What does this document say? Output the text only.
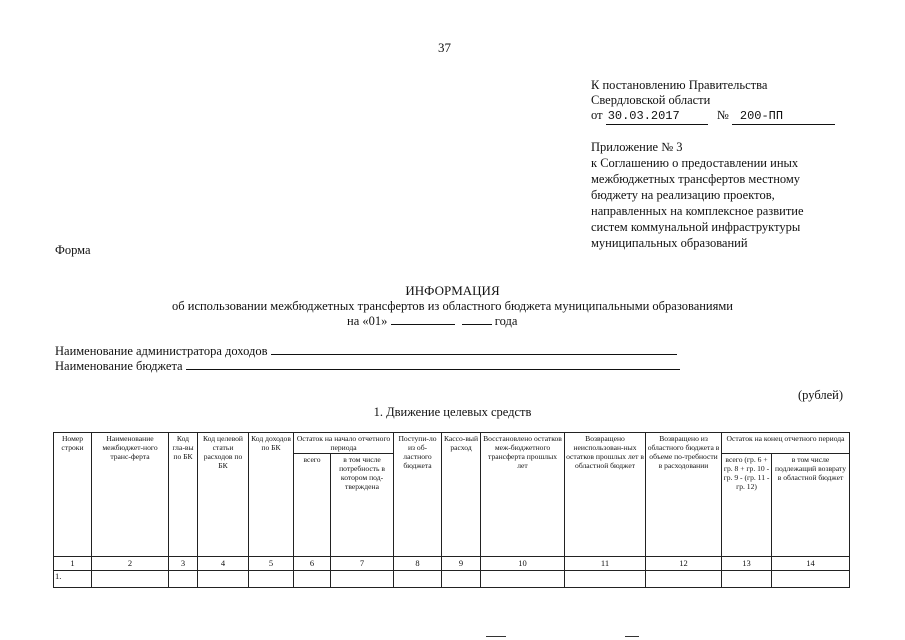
37
К постановлению Правительства
Свердловской области
от 30.03.2017	№ 200-ПП
Приложение № 3
к Соглашению о предоставлении иных
межбюджетных трансфертов местному
бюджету на реализацию проектов,
направленных на комплексное развитие
систем коммунальной инфраструктуры
муниципальных образований
Форма
ИНФОРМАЦИЯ
об использовании межбюджетных трансфертов из областного бюджета муниципальными образованиями
на «01»	года
Наименование администратора доходов
Наименование бюджета
(рублей)
1. Движение целевых средств
Номер строки	Наименование межбюджет-ного транс-ферта	Код гла-вы по БК	Код целевой статьи расходов по БК	Код доходов по БК	Остаток на начало отчетного периода		Поступи-ло из об-ластного бюджета	Кассо-вый расход	Восстановлено остатков меж-бюджетного трансферта прошлых лет	Возвращено неиспользован-ных остатков прошлых лет в областной бюджет	Возвращено из областного бюджета в объеме по-требности в расходовании	Остаток на конец отчетного периода	
					всего	в том числе потребность в котором под-тверждена						всего (гр. 6 + гр. 8 + гр. 10 - гр. 9 - (гр. 11 - гр. 12)	в том числе подлежащий возврату в областной бюджет
1	2	3	4	5	6	7	8	9	10	11	12	13	14
1.													
